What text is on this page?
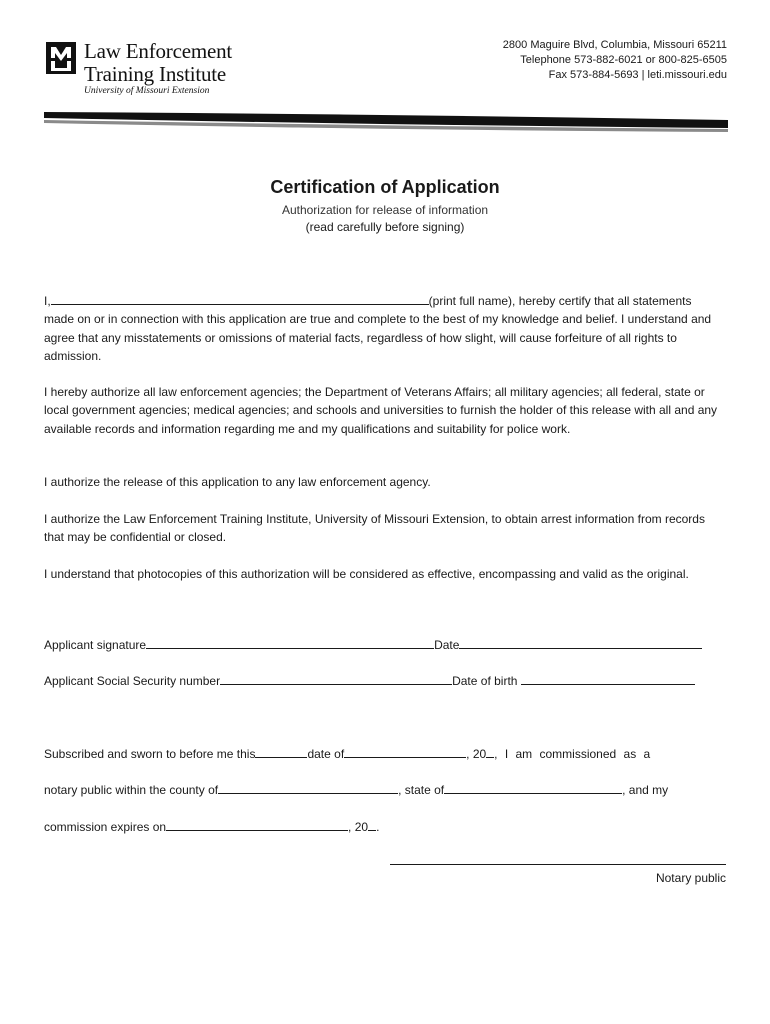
Law Enforcement
Training Institute
University of Missouri Extension
2800 Maguire Blvd, Columbia, Missouri 65211
Telephone 573-882-6021 or 800-825-6505
Fax 573-884-5693 | leti.missouri.edu
Certification of Application
Authorization for release of information
(read carefully before signing)
I,	(print full name), hereby certify that all statements made on or in connection with this application are true and complete to the best of my knowledge and belief. I understand and agree that any misstatements or omissions of material facts, regardless of how slight, will cause forfeiture of all rights to admission.
I hereby authorize all law enforcement agencies; the Department of Veterans Affairs; all military agencies; all federal, state or local government agencies; medical agencies; and schools and universities to furnish the holder of this release with all and any available records and information regarding me and my qualifications and suitability for police work.
I authorize the release of this application to any law enforcement agency.
I authorize the Law Enforcement Training Institute, University of Missouri Extension, to obtain arrest information from records that may be confidential or closed.
I understand that photocopies of this authorization will be considered as effective, encompassing and valid as the original.
Applicant signature	Date
Applicant Social Security number	Date of birth
Subscribed and sworn to before me this	date of	, 20 , I am commissioned as a
notary public within the county of	, state of	, and my
commission expires on	, 20 .
Notary public
